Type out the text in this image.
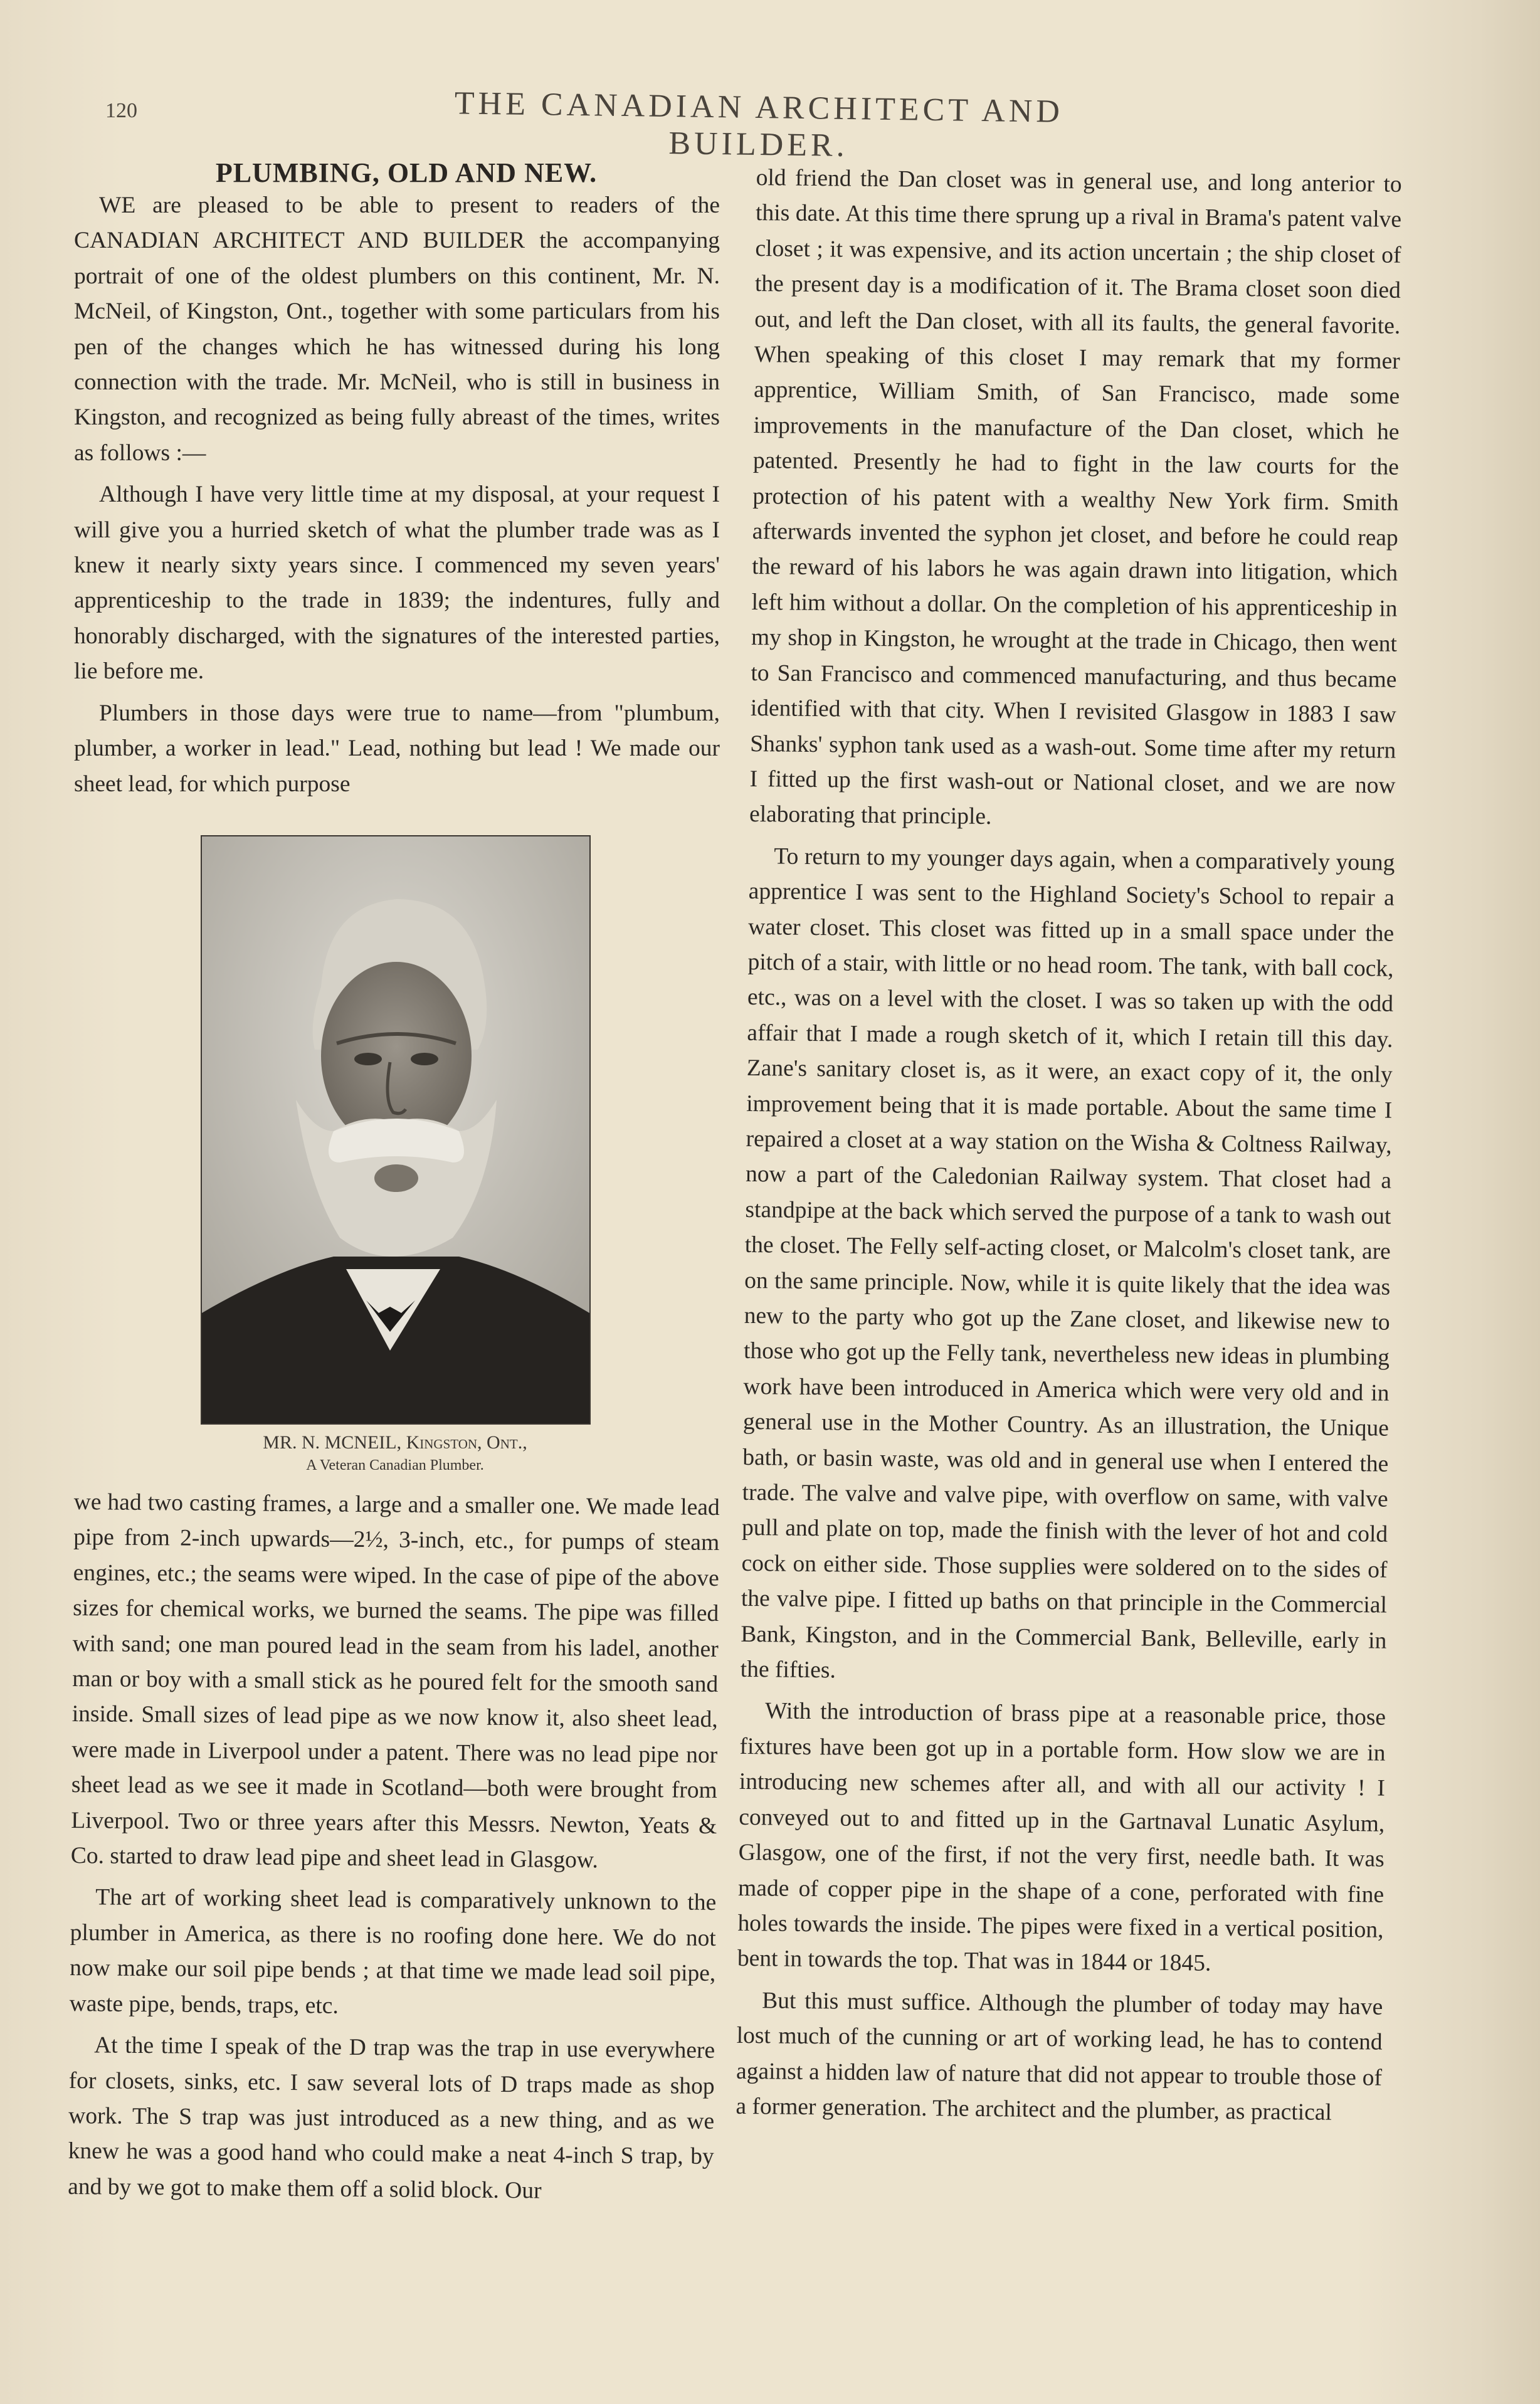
120	THE CANADIAN ARCHITECT AND BUILDER.
PLUMBING, OLD AND NEW.

WE are pleased to be able to present to readers of the CANADIAN ARCHITECT AND BUILDER the accompanying portrait of one of the oldest plumbers on this continent, Mr. N. McNeil, of Kingston, Ont., together with some particulars from his pen of the changes which he has witnessed during his long connection with the trade. Mr. McNeil, who is still in business in Kingston, and recognized as being fully abreast of the times, writes as follows :—

Although I have very little time at my disposal, at your request I will give you a hurried sketch of what the plumber trade was as I knew it nearly sixty years since. I commenced my seven years' apprenticeship to the trade in 1839; the indentures, fully and honorably discharged, with the signatures of the interested parties, lie before me.

Plumbers in those days were true to name—from "plumbum, plumber, a worker in lead." Lead, nothing but lead ! We made our sheet lead, for which purpose

MR. N. MCNEIL, Kingston, Ont.,
A Veteran Canadian Plumber.

we had two casting frames, a large and a smaller one. We made lead pipe from 2-inch upwards—2½, 3-inch, etc., for pumps of steam engines, etc.; the seams were wiped. In the case of pipe of the above sizes for chemical works, we burned the seams. The pipe was filled with sand; one man poured lead in the seam from his ladel, another man or boy with a small stick as he poured felt for the smooth sand inside. Small sizes of lead pipe as we now know it, also sheet lead, were made in Liverpool under a patent. There was no lead pipe nor sheet lead as we see it made in Scotland—both were brought from Liverpool. Two or three years after this Messrs. Newton, Yeats & Co. started to draw lead pipe and sheet lead in Glasgow.

The art of working sheet lead is comparatively unknown to the plumber in America, as there is no roofing done here. We do not now make our soil pipe bends ; at that time we made lead soil pipe, waste pipe, bends, traps, etc.

At the time I speak of the D trap was the trap in use everywhere for closets, sinks, etc. I saw several lots of D traps made as shop work. The S trap was just introduced as a new thing, and as we knew he was a good hand who could make a neat 4-inch S trap, by and by we got to make them off a solid block. Our

old friend the Dan closet was in general use, and long anterior to this date. At this time there sprung up a rival in Brama's patent valve closet ; it was expensive, and its action uncertain ; the ship closet of the present day is a modification of it. The Brama closet soon died out, and left the Dan closet, with all its faults, the general favorite. When speaking of this closet I may remark that my former apprentice, William Smith, of San Francisco, made some improvements in the manufacture of the Dan closet, which he patented. Presently he had to fight in the law courts for the protection of his patent with a wealthy New York firm. Smith afterwards invented the syphon jet closet, and before he could reap the reward of his labors he was again drawn into litigation, which left him without a dollar. On the completion of his apprenticeship in my shop in Kingston, he wrought at the trade in Chicago, then went to San Francisco and commenced manufacturing, and thus became identified with that city. When I revisited Glasgow in 1883 I saw Shanks' syphon tank used as a wash-out. Some time after my return I fitted up the first wash-out or National closet, and we are now elaborating that principle.

To return to my younger days again, when a comparatively young apprentice I was sent to the Highland Society's School to repair a water closet. This closet was fitted up in a small space under the pitch of a stair, with little or no head room. The tank, with ball cock, etc., was on a level with the closet. I was so taken up with the odd affair that I made a rough sketch of it, which I retain till this day. Zane's sanitary closet is, as it were, an exact copy of it, the only improvement being that it is made portable. About the same time I repaired a closet at a way station on the Wisha & Coltness Railway, now a part of the Caledonian Railway system. That closet had a standpipe at the back which served the purpose of a tank to wash out the closet. The Felly self-acting closet, or Malcolm's closet tank, are on the same principle. Now, while it is quite likely that the idea was new to the party who got up the Zane closet, and likewise new to those who got up the Felly tank, nevertheless new ideas in plumbing work have been introduced in America which were very old and in general use in the Mother Country. As an illustration, the Unique bath, or basin waste, was old and in general use when I entered the trade. The valve and valve pipe, with overflow on same, with valve pull and plate on top, made the finish with the lever of hot and cold cock on either side. Those supplies were soldered on to the sides of the valve pipe. I fitted up baths on that principle in the Commercial Bank, Kingston, and in the Commercial Bank, Belleville, early in the fifties.

With the introduction of brass pipe at a reasonable price, those fixtures have been got up in a portable form. How slow we are in introducing new schemes after all, and with all our activity ! I conveyed out to and fitted up in the Gartnaval Lunatic Asylum, Glasgow, one of the first, if not the very first, needle bath. It was made of copper pipe in the shape of a cone, perforated with fine holes towards the inside. The pipes were fixed in a vertical position, bent in towards the top. That was in 1844 or 1845.

But this must suffice. Although the plumber of today may have lost much of the cunning or art of working lead, he has to contend against a hidden law of nature that did not appear to trouble those of a former generation. The architect and the plumber, as practical
